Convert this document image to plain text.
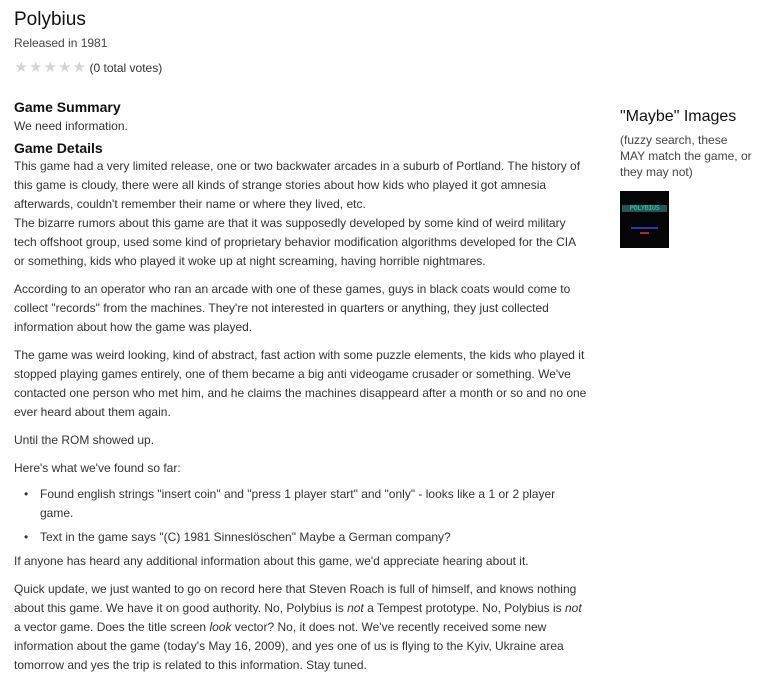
Polybius
Released in 1981
★ ★ ★ ★ ★ (0 total votes)
Game Summary
We need information.
Game Details

This game had a very limited release, one or two backwater arcades in a suburb of Portland. The history of this game is cloudy, there were all kinds of strange stories about how kids who played it got amnesia afterwards, couldn't remember their name or where they lived, etc.

The bizarre rumors about this game are that it was supposedly developed by some kind of weird military tech offshoot group, used some kind of proprietary behavior modification algorithms developed for the CIA or something, kids who played it woke up at night screaming, having horrible nightmares.

According to an operator who ran an arcade with one of these games, guys in black coats would come to collect "records" from the machines. They're not interested in quarters or anything, they just collected information about how the game was played.

The game was weird looking, kind of abstract, fast action with some puzzle elements, the kids who played it stopped playing games entirely, one of them became a big anti videogame crusader or something. We've contacted one person who met him, and he claims the machines disappeard after a month or so and no one ever heard about them again.

Until the ROM showed up.

Here's what we've found so far:

• Found english strings "insert coin" and "press 1 player start" and "only" - looks like a 1 or 2 player game.
• Text in the game says "(C) 1981 Sinneslöschen" Maybe a German company?

If anyone has heard any additional information about this game, we'd appreciate hearing about it.

Quick update, we just wanted to go on record here that Steven Roach is full of himself, and knows nothing about this game. We have it on good authority. No, Polybius is not a Tempest prototype. No, Polybius is not a vector game. Does the title screen look vector? No, it does not. We've recently received some new information about the game (today's May 16, 2009), and yes one of us is flying to the Kyiv, Ukraine area tomorrow and yes the trip is related to this information. Stay tuned.

"Maybe" Images
(fuzzy search, these MAY match the game, or they may not)
POLYBIUS
